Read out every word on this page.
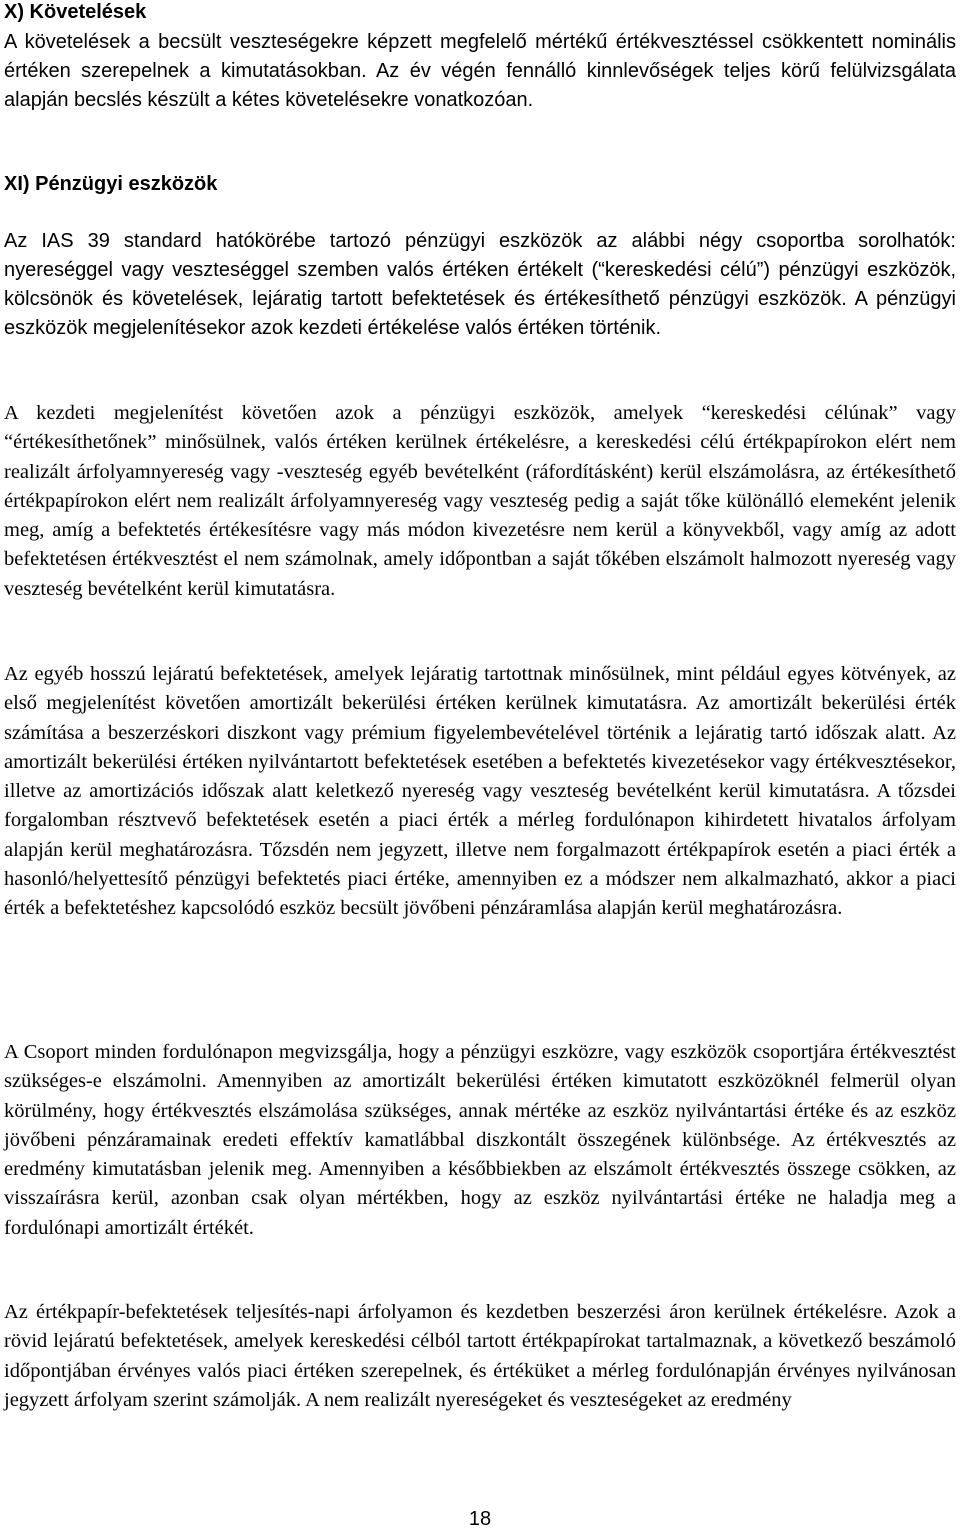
X) Követelések

A követelések a becsült veszteségekre képzett megfelelő mértékű értékvesztéssel csökkentett nominális értéken szerepelnek a kimutatásokban. Az év végén fennálló kinnlevőségek teljes körű felülvizsgálata alapján becslés készült a kétes követelésekre vonatkozóan.

XI) Pénzügyi eszközök

Az IAS 39 standard hatókörébe tartozó pénzügyi eszközök az alábbi négy csoportba sorolhatók: nyereséggel vagy veszteséggel szemben valós értéken értékelt (“kereskedési célú”) pénzügyi eszközök, kölcsönök és követelések, lejáratig tartott befektetések és értékesíthető pénzügyi eszközök. A pénzügyi eszközök megjelenítésekor azok kezdeti értékelése valós értéken történik.

A kezdeti megjelenítést követően azok a pénzügyi eszközök, amelyek “kereskedési célúnak” vagy “értékesíthetőnek” minősülnek, valós értéken kerülnek értékelésre, a kereskedési célú értékpapírokon elért nem realizált árfolyamnyereség vagy -veszteség egyéb bevételként (ráfordításként) kerül elszámolásra, az értékesíthető értékpapírokon elért nem realizált árfolyamnyereség vagy veszteség pedig a saját tőke különálló elemeként jelenik meg, amíg a befektetés értékesítésre vagy más módon kivezetésre nem kerül a könyvekből, vagy amíg az adott befektetésen értékvesztést el nem számolnak, amely időpontban a saját tőkében elszámolt halmozott nyereség vagy veszteség bevételként kerül kimutatásra.

Az egyéb hosszú lejáratú befektetések, amelyek lejáratig tartottnak minősülnek, mint például egyes kötvények, az első megjelenítést követően amortizált bekerülési értéken kerülnek kimutatásra. Az amortizált bekerülési érték számítása a beszerzéskori diszkont vagy prémium figyelembevételével történik a lejáratig tartó időszak alatt. Az amortizált bekerülési értéken nyilvántartott befektetések esetében a befektetés kivezetésekor vagy értékvesztésekor, illetve az amortizációs időszak alatt keletkező nyereség vagy veszteség bevételként kerül kimutatásra. A tőzsdei forgalomban résztvevő befektetések esetén a piaci érték a mérleg fordulónapon kihirdetett hivatalos árfolyam alapján kerül meghatározásra. Tőzsdén nem jegyzett, illetve nem forgalmazott értékpapírok esetén a piaci érték a hasonló/helyettesítő pénzügyi befektetés piaci értéke, amennyiben ez a módszer nem alkalmazható, akkor a piaci érték a befektetéshez kapcsolódó eszköz becsült jövőbeni pénzáramlása alapján kerül meghatározásra.

A Csoport minden fordulónapon megvizsgálja, hogy a pénzügyi eszközre, vagy eszközök csoportjára értékvesztést szükséges-e elszámolni. Amennyiben az amortizált bekerülési értéken kimutatott eszközöknél felmerül olyan körülmény, hogy értékvesztés elszámolása szükséges, annak mértéke az eszköz nyilvántartási értéke és az eszköz jövőbeni pénzáramainak eredeti effektív kamatlábbal diszkontált összegének különbsége. Az értékvesztés az eredmény kimutatásban jelenik meg. Amennyiben a későbbiekben az elszámolt értékvesztés összege csökken, az visszaírásra kerül, azonban csak olyan mértékben, hogy az eszköz nyilvántartási értéke ne haladja meg a fordulónapi amortizált értékét.

Az értékpapír-befektetések teljesítés-napi árfolyamon és kezdetben beszerzési áron kerülnek értékelésre. Azok a rövid lejáratú befektetések, amelyek kereskedési célból tartott értékpapírokat tartalmaznak, a következő beszámoló időpontjában érvényes valós piaci értéken szerepelnek, és értéküket a mérleg fordulónapján érvényes nyilvánosan jegyzett árfolyam szerint számolják. A nem realizált nyereségeket és veszteségeket az eredmény

18
